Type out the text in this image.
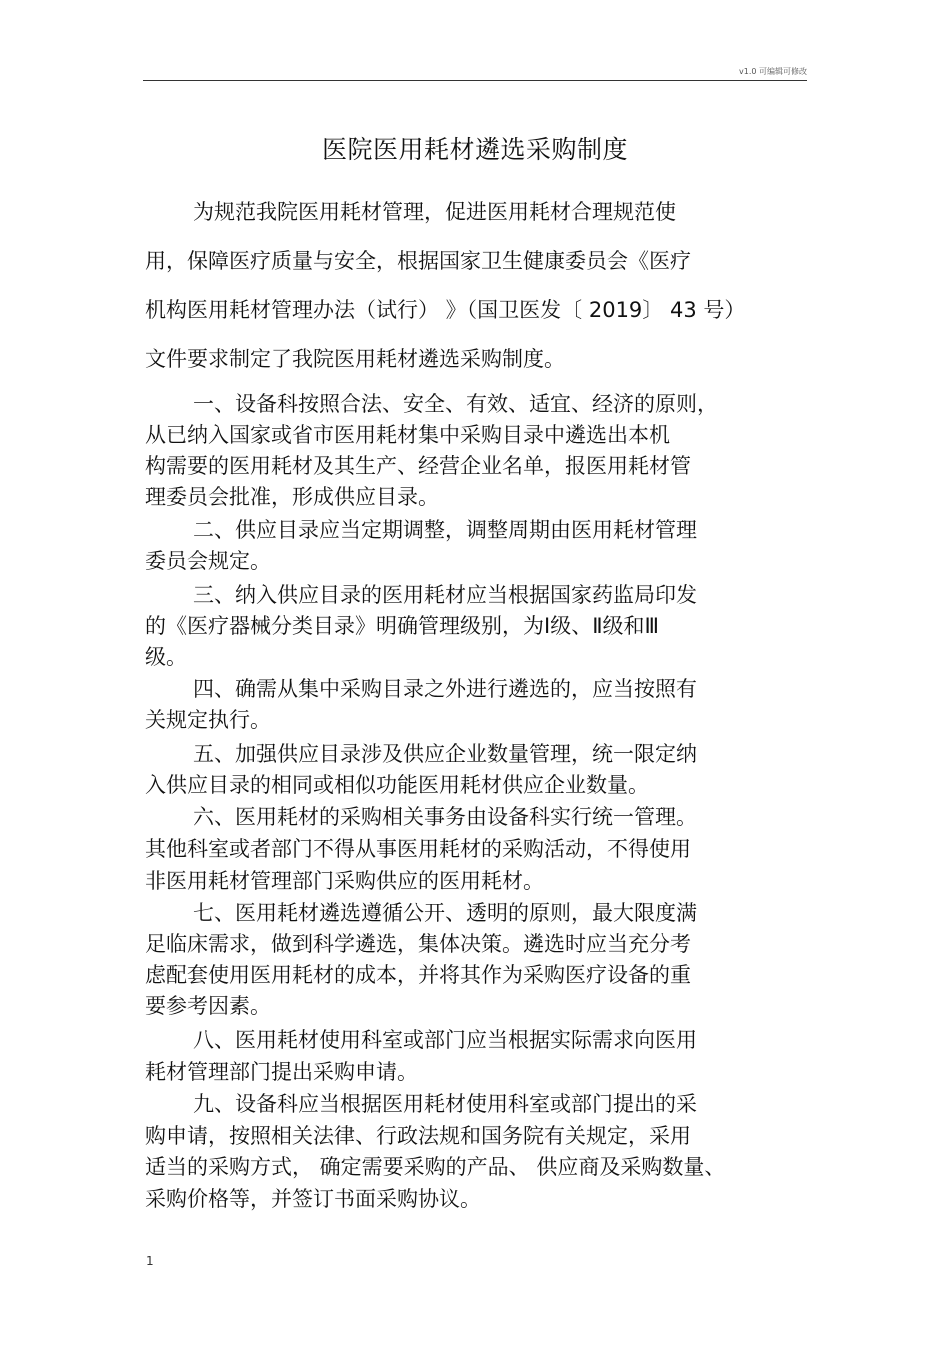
v1.0 可编辑可修改
医院医用耗材遴选采购制度
为规范我院医用耗材管理，促进医用耗材合理规范使
用，保障医疗质量与安全，根据国家卫生健康委员会《医疗
机构医用耗材管理办法（试行） 》（国卫医发〔 2019〕 43 号）
文件要求制定了我院医用耗材遴选采购制度。
一、设备科按照合法、安全、有效、适宜、经济的原则，
从已纳入国家或省市医用耗材集中采购目录中遴选出本机
构需要的医用耗材及其生产、经营企业名单，报医用耗材管
理委员会批准，形成供应目录。
二、供应目录应当定期调整，调整周期由医用耗材管理
委员会规定。
三、纳入供应目录的医用耗材应当根据国家药监局印发
的《医疗器械分类目录》明确管理级别，为Ⅰ级、Ⅱ级和Ⅲ
级。
四、确需从集中采购目录之外进行遴选的，应当按照有
关规定执行。
五、加强供应目录涉及供应企业数量管理，统一限定纳
入供应目录的相同或相似功能医用耗材供应企业数量。
六、医用耗材的采购相关事务由设备科实行统一管理。
其他科室或者部门不得从事医用耗材的采购活动，不得使用
非医用耗材管理部门采购供应的医用耗材。
七、医用耗材遴选遵循公开、透明的原则，最大限度满
足临床需求，做到科学遴选，集体决策。遴选时应当充分考
虑配套使用医用耗材的成本，并将其作为采购医疗设备的重
要参考因素。
八、医用耗材使用科室或部门应当根据实际需求向医用
耗材管理部门提出采购申请。
九、设备科应当根据医用耗材使用科室或部门提出的采
购申请，按照相关法律、行政法规和国务院有关规定，采用
适当的采购方式， 确定需要采购的产品、 供应商及采购数量、
采购价格等，并签订书面采购协议。
1
